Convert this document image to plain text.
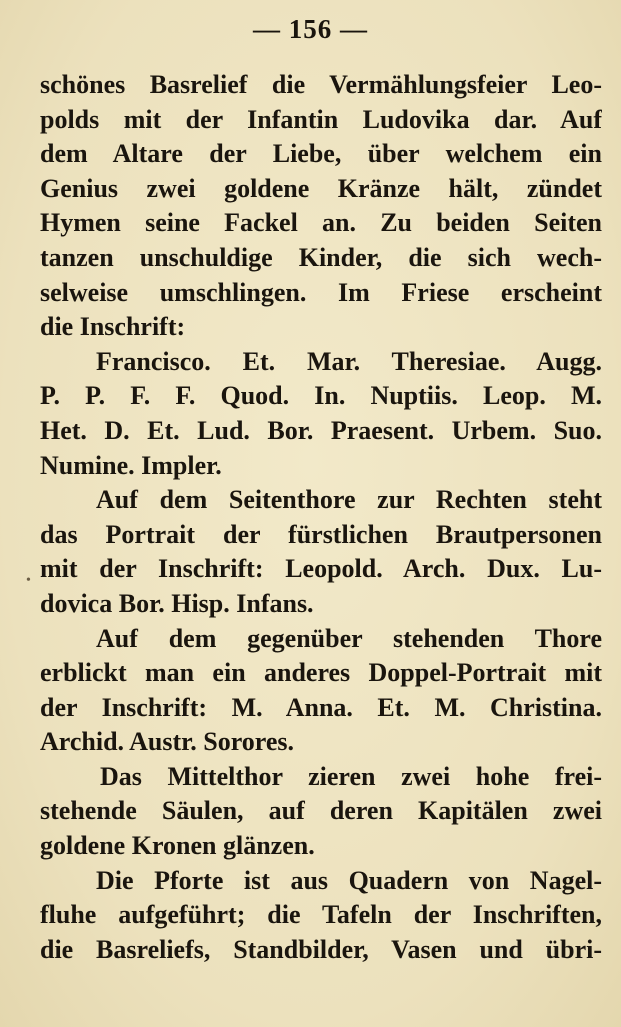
— 156 —
schönes Basrelief die Vermählungsfeier Leo-
polds mit der Infantin Ludovika dar. Auf
dem Altare der Liebe, über welchem ein
Genius zwei goldene Kränze hält, zündet
Hymen seine Fackel an. Zu beiden Seiten
tanzen unschuldige Kinder, die sich wech-
selweise umschlingen. Im Friese erscheint
die Inschrift:
Francisco. Et. Mar. Theresiae. Augg.
P. P. F. F. Quod. In. Nuptiis. Leop. M.
Het. D. Et. Lud. Bor. Praesent. Urbem. Suo.
Numine. Impler.
Auf dem Seitenthore zur Rechten steht
das Portrait der fürstlichen Brautpersonen
mit der Inschrift: Leopold. Arch. Dux. Lu-
dovica Bor. Hisp. Infans.
Auf dem gegenüber stehenden Thore
erblickt man ein anderes Doppel-Portrait mit
der Inschrift: M. Anna. Et. M. Christina.
Archid. Austr. Sorores.
Das Mittelthor zieren zwei hohe frei-
stehende Säulen, auf deren Kapitälen zwei
goldene Kronen glänzen.
Die Pforte ist aus Quadern von Nagel-
fluhe aufgeführt; die Tafeln der Inschriften,
die Basreliefs, Standbilder, Vasen und übri-
•
